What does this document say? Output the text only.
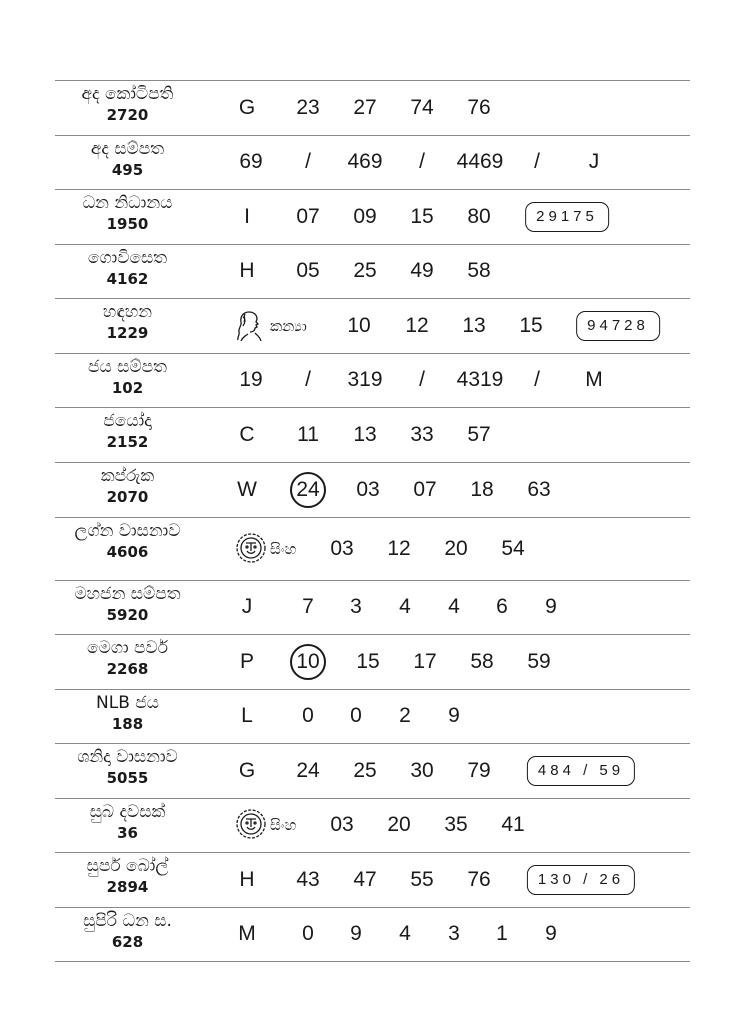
අද කෝටිපති
2720	G 23 27 74 76
අද සම්පත
495	69 / 469 / 4469 / J
ධන නිධානය
1950	I 07 09 15 80	29175
ගොවිසෙත
4162	H 05 25 49 58
හඳහන
1229	කන්‍යා 10 12 13 15	94728
ජය සම්පත
102	19 / 319 / 4319 / M
ජයෝදා
2152	C 11 13 33 57
කප්රුක
2070	W	24	03 07 18 63
ලග්න වාසනාව
4606	සිංහ 03 12 20 54
මහජන සම්පත
5920	J 7 3 4 4 6 9
මෙගා පවර්
2268	P	10	15 17 58 59
NLB ජය
188	L 0 0 2 9
ශනිදා වාසනාව
5055	G 24 25 30 79	484 / 59
සුබ දවසක්
36	සිංහ 03 20 35 41
සුපර් බෝල්
2894	H 43 47 55 76	130 / 26
සුපිරි ධන ස.
628	M 0 9 4 3 1 9
